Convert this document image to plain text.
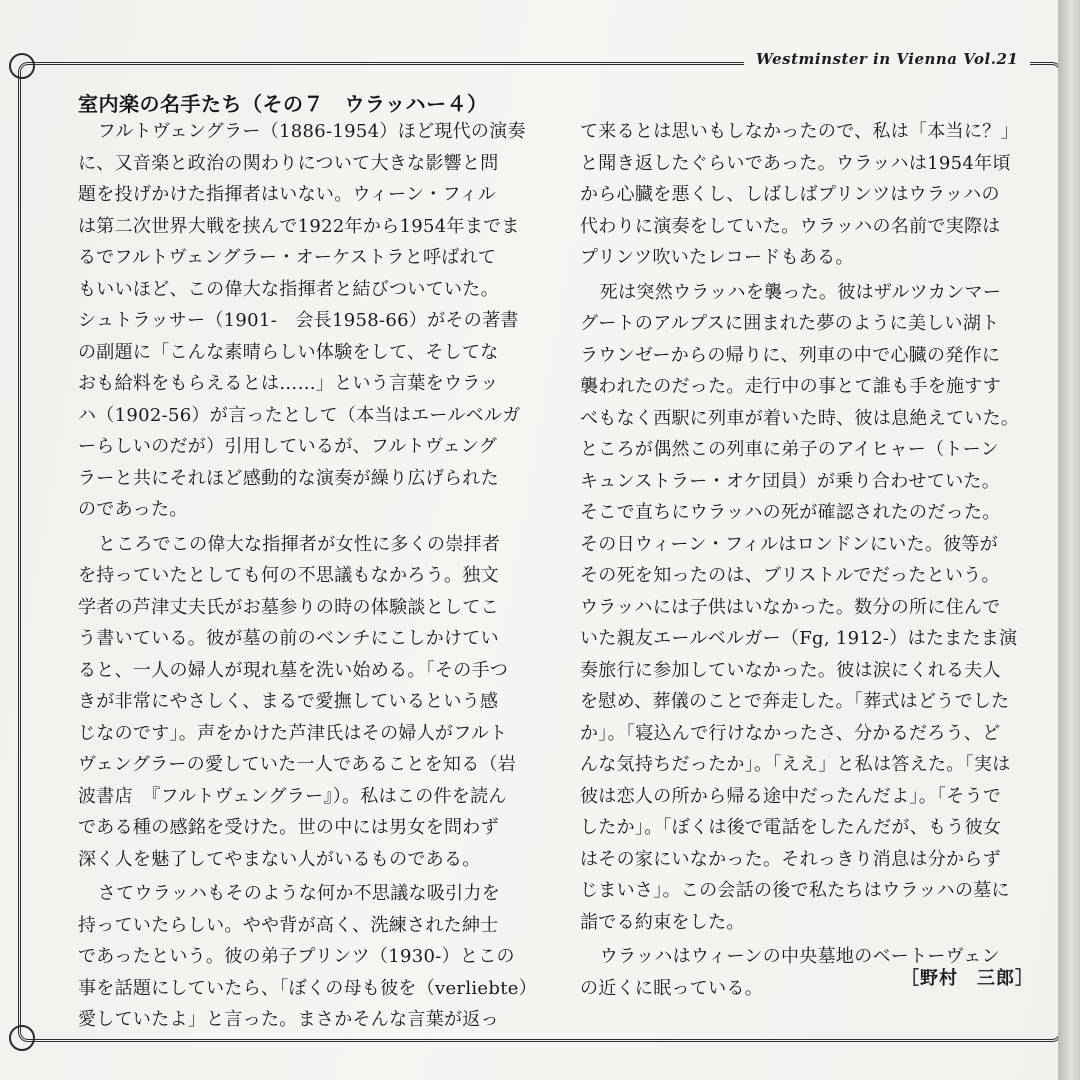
Westminster in Vienna Vol.21
室内楽の名手たち（その７　ウラッハー４）
フルトヴェングラー（1886-1954）ほど現代の演奏
に、又音楽と政治の関わりについて大きな影響と問
題を投げかけた指揮者はいない。ウィーン・フィル
は第二次世界大戦を挟んで1922年から1954年までま
るでフルトヴェングラー・オーケストラと呼ばれて
もいいほど、この偉大な指揮者と結びついていた。
シュトラッサー（1901-　会長1958-66）がその著書
の副題に「こんな素晴らしい体験をして、そしてな
おも給料をもらえるとは……」という言葉をウラッ
ハ（1902-56）が言ったとして（本当はエールベルガ
ーらしいのだが）引用しているが、フルトヴェング
ラーと共にそれほど感動的な演奏が繰り広げられた
のであった。
ところでこの偉大な指揮者が女性に多くの崇拝者
を持っていたとしても何の不思議もなかろう。独文
学者の芦津丈夫氏がお墓参りの時の体験談としてこ
う書いている。彼が墓の前のベンチにこしかけてい
ると、一人の婦人が現れ墓を洗い始める。「その手つ
きが非常にやさしく、まるで愛撫しているという感
じなのです」。声をかけた芦津氏はその婦人がフルト
ヴェングラーの愛していた一人であることを知る（岩
波書店　『フルトヴェングラー』）。私はこの件を読ん
である種の感銘を受けた。世の中には男女を問わず
深く人を魅了してやまない人がいるものである。
さてウラッハもそのような何か不思議な吸引力を
持っていたらしい。やや背が高く、洗練された紳士
であったという。彼の弟子プリンツ（1930-）とこの
事を話題にしていたら、「ぼくの母も彼を（verliebte）
愛していたよ」と言った。まさかそんな言葉が返っ
て来るとは思いもしなかったので、私は「本当に？」
と聞き返したぐらいであった。ウラッハは1954年頃
から心臓を悪くし、しばしばプリンツはウラッハの
代わりに演奏をしていた。ウラッハの名前で実際は
プリンツ吹いたレコードもある。
死は突然ウラッハを襲った。彼はザルツカンマー
グートのアルプスに囲まれた夢のように美しい湖ト
ラウンゼーからの帰りに、列車の中で心臓の発作に
襲われたのだった。走行中の事とて誰も手を施すす
べもなく西駅に列車が着いた時、彼は息絶えていた。
ところが偶然この列車に弟子のアイヒャー（トーン
キュンストラー・オケ団員）が乗り合わせていた。
そこで直ちにウラッハの死が確認されたのだった。
その日ウィーン・フィルはロンドンにいた。彼等が
その死を知ったのは、ブリストルでだったという。
ウラッハには子供はいなかった。数分の所に住んで
いた親友エールベルガー（Fg, 1912-）はたまたま演
奏旅行に参加していなかった。彼は涙にくれる夫人
を慰め、葬儀のことで奔走した。「葬式はどうでした
か」。「寝込んで行けなかったさ、分かるだろう、ど
んな気持ちだったか」。「ええ」と私は答えた。「実は
彼は恋人の所から帰る途中だったんだよ」。「そうで
したか」。「ぼくは後で電話をしたんだが、もう彼女
はその家にいなかった。それっきり消息は分からず
じまいさ」。この会話の後で私たちはウラッハの墓に
詣でる約束をした。
ウラッハはウィーンの中央墓地のベートーヴェン
の近くに眠っている。	［野村　三郎］
